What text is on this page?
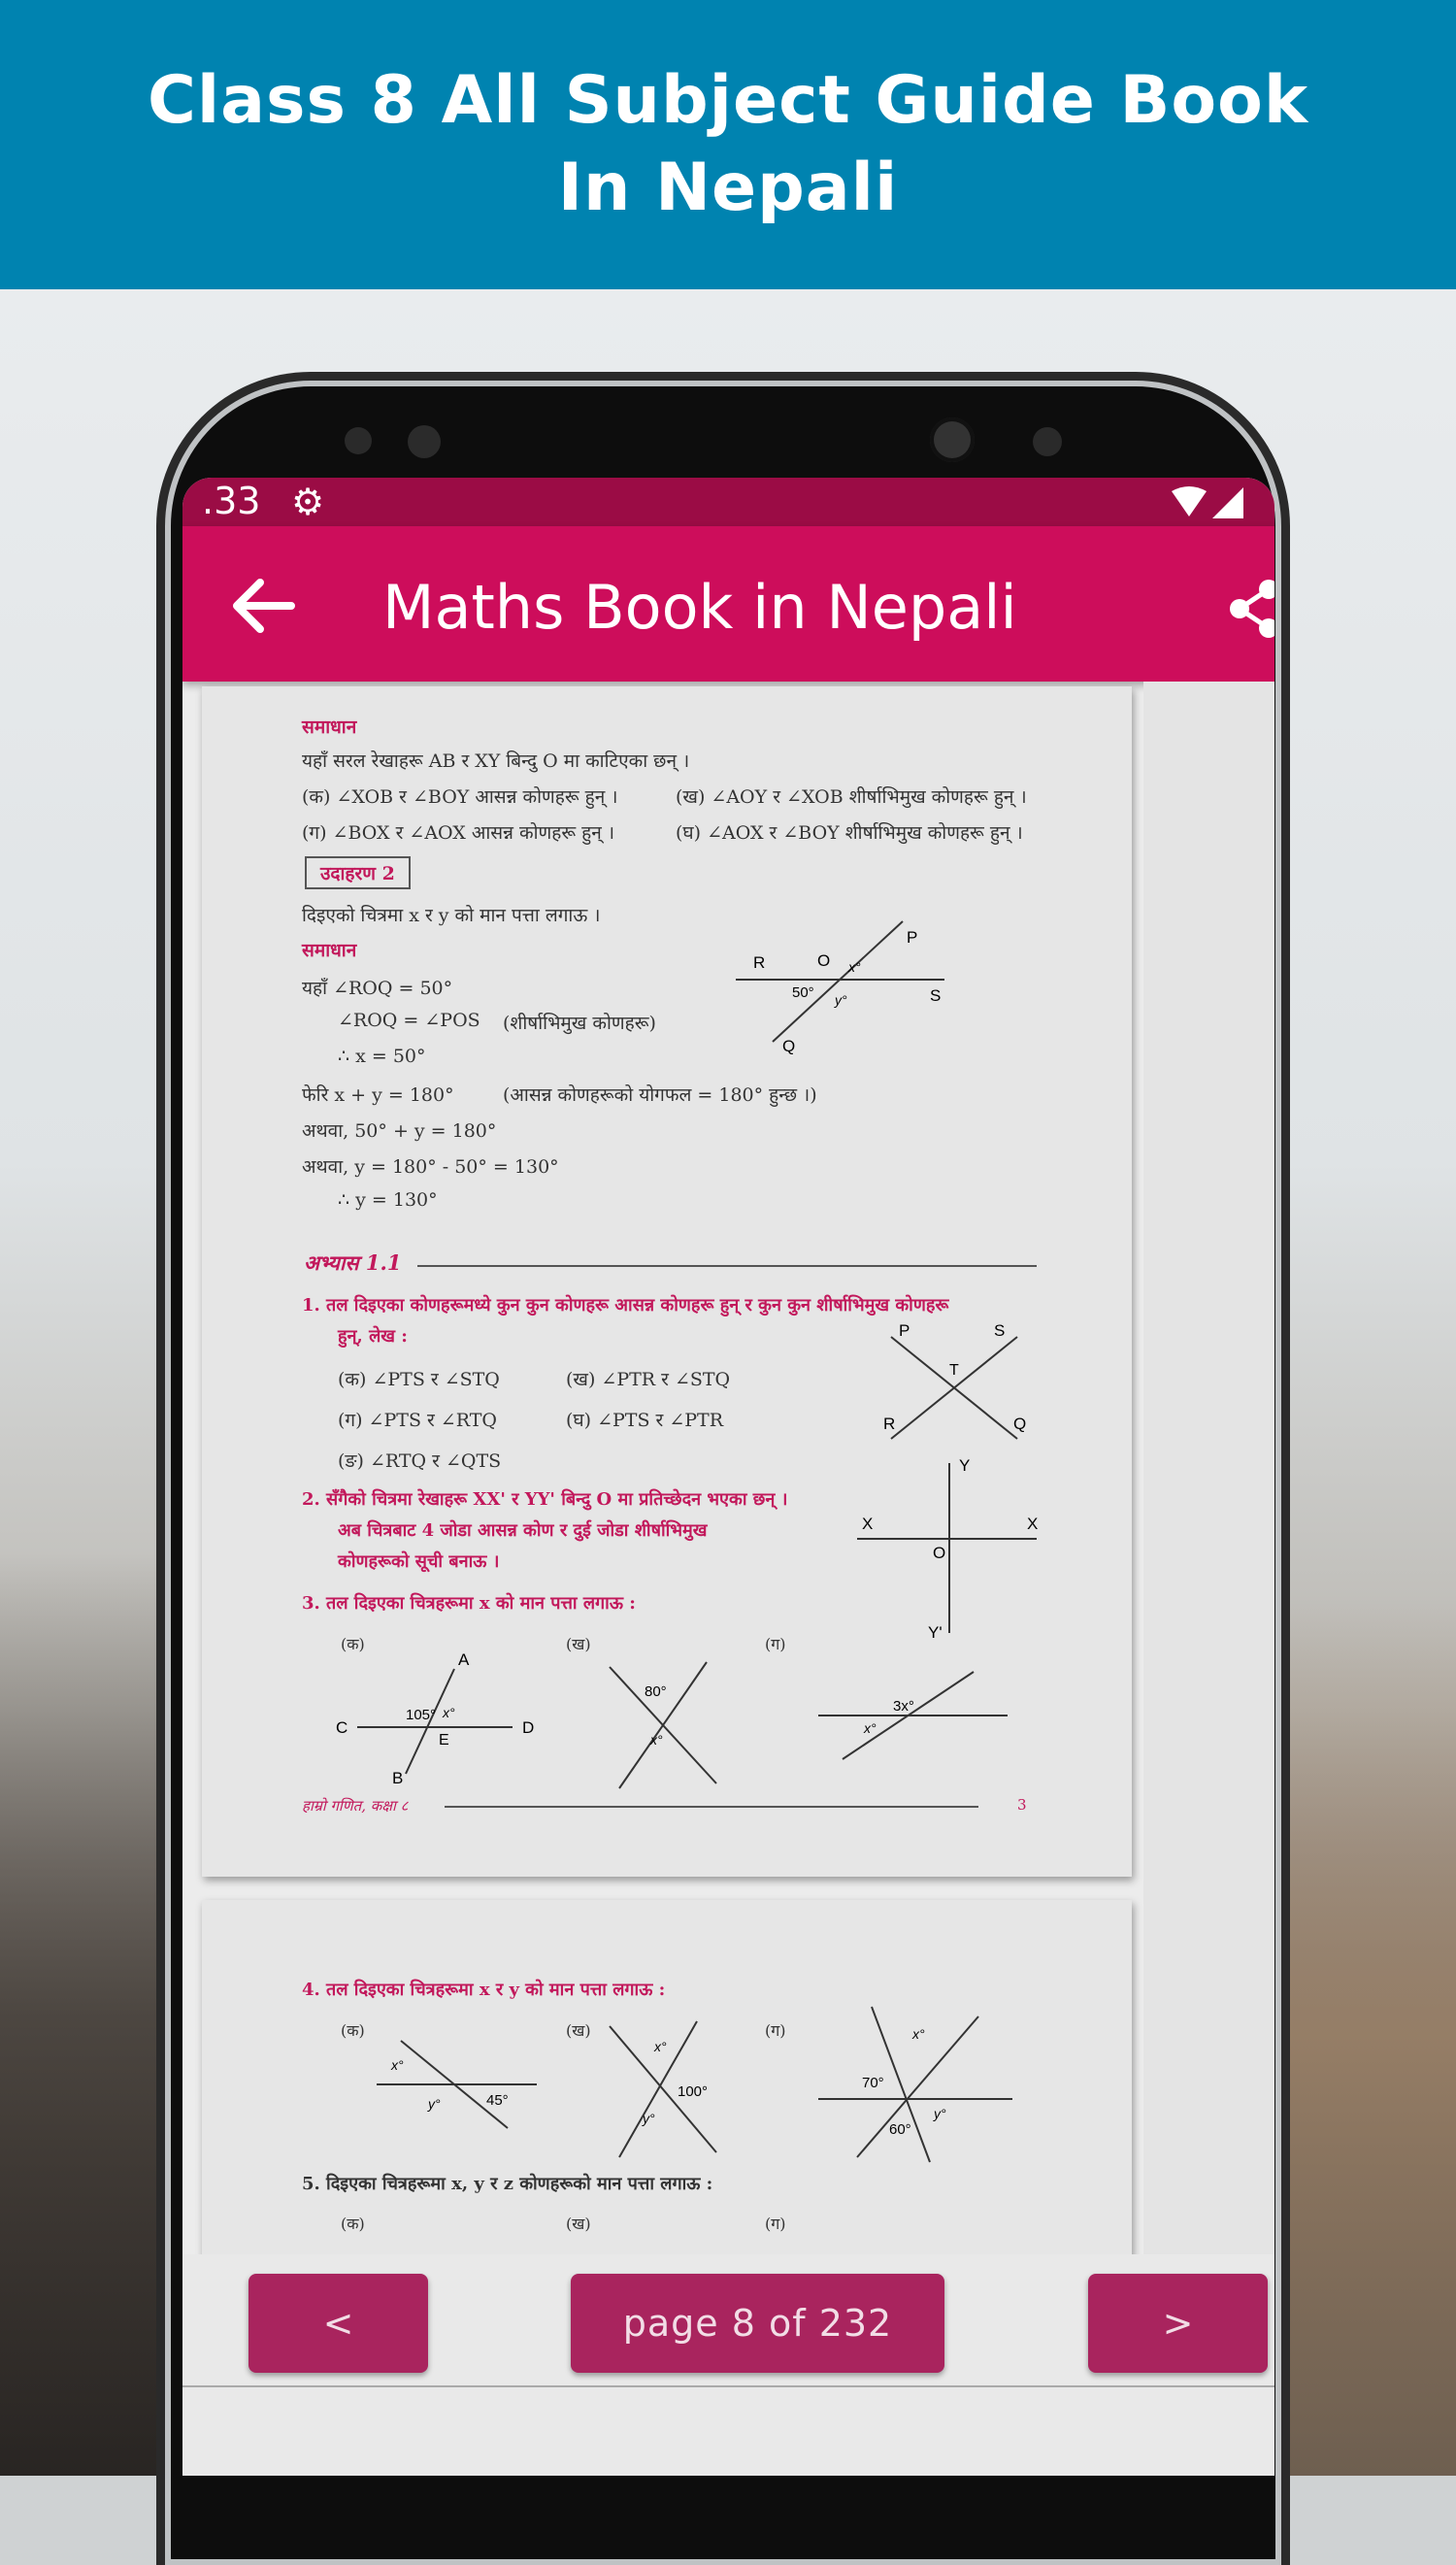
Class 8 All Subject Guide Book In Nepali
.33 ⚙
Maths Book in Nepali
समाधान
यहाँ सरल रेखाहरू AB र XY बिन्दु O मा काटिएका छन् ।
(क) ∠XOB र ∠BOY आसन्न कोणहरू हुन् ।	(ख) ∠AOY र ∠XOB शीर्षाभिमुख कोणहरू हुन् ।
(ग) ∠BOX र ∠AOX आसन्न कोणहरू हुन् ।	(घ) ∠AOX र ∠BOY शीर्षाभिमुख कोणहरू हुन् ।
उदाहरण 2
दिइएको चित्रमा x र y को मान पत्ता लगाऊ ।
समाधान
यहाँ ∠ROQ = 50°
∠ROQ = ∠POS (शीर्षाभिमुख कोणहरू)
∴ x = 50°
फेरि x + y = 180°	(आसन्न कोणहरूको योगफल = 180° हुन्छ ।)
अथवा, 50° + y = 180°
अथवा, y = 180° - 50° = 130°
∴ y = 130°
अभ्यास 1.1
1. तल दिइएका कोणहरूमध्ये कुन कुन कोणहरू आसन्न कोणहरू हुन् र कुन कुन शीर्षाभिमुख कोणहरू
हुन्, लेख :
(क) ∠PTS र ∠STQ	(ख) ∠PTR र ∠STQ
(ग) ∠PTS र ∠RTQ	(घ) ∠PTS र ∠PTR
(ङ) ∠RTQ र ∠QTS
2. सँगैको चित्रमा रेखाहरू XX' र YY' बिन्दु O मा प्रतिच्छेदन भएका छन् ।
अब चित्रबाट 4 जोडा आसन्न कोण र दुई जोडा शीर्षाभिमुख
कोणहरूको सूची बनाऊ ।
3. तल दिइएका चित्रहरूमा x को मान पत्ता लगाऊ :
(क)	(ख)	(ग)
हाम्रो गणित, कक्षा ८	3
R	O
P
S
Q
50°
x°
y°
P	S
T
R	Q
Y
X	X
O
Y'
A
C	D
B
E
105° x°
80°
x°
3x°
x°
4. तल दिइएका चित्रहरूमा x र y को मान पत्ता लगाऊ :
(क)	(ख)	(ग)
5. दिइएका चित्रहरूमा x, y र z कोणहरूको मान पत्ता लगाऊ :
(क)	(ख)	(ग)
x°
y°	45°
x°
y°
100°
x°
70°
y°
60°
<	page 8 of 232	>
